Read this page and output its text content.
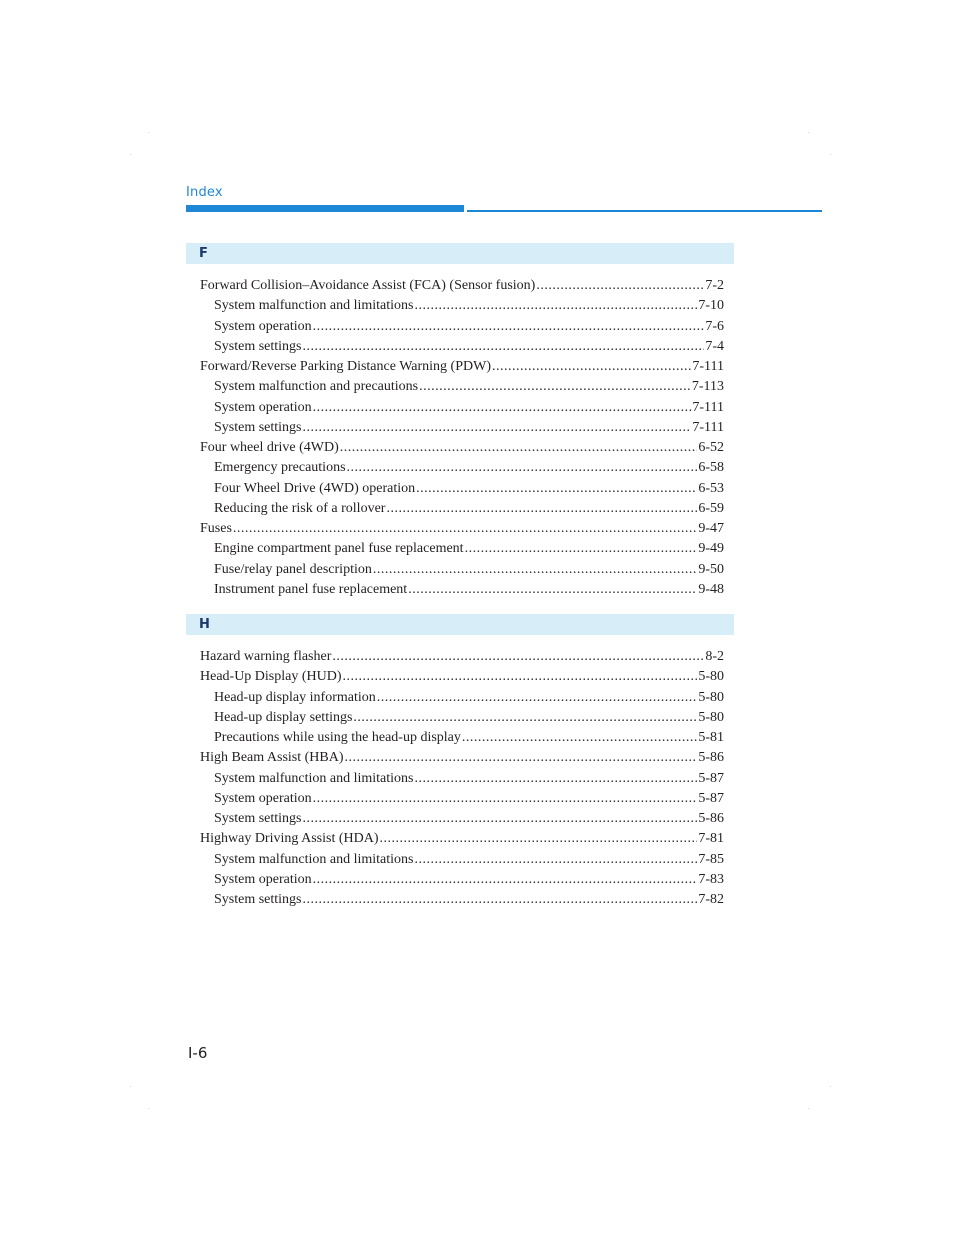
Index
F
Forward Collision–Avoidance Assist (FCA) (Sensor fusion) .....	7-2
System malfunction and limitations .....	7-10
System operation .....	7-6
System settings .....	7-4
Forward/Reverse Parking Distance Warning (PDW) .....	7-111
System malfunction and precautions .....	7-113
System operation .....	7-111
System settings .....	7-111
Four wheel drive (4WD) .....	6-52
Emergency precautions .....	6-58
Four Wheel Drive (4WD) operation .....	6-53
Reducing the risk of a rollover .....	6-59
Fuses .....	9-47
Engine compartment panel fuse replacement .....	9-49
Fuse/relay panel description .....	9-50
Instrument panel fuse replacement .....	9-48
H
Hazard warning flasher .....	8-2
Head-Up Display (HUD) .....	5-80
Head-up display information .....	5-80
Head-up display settings .....	5-80
Precautions while using the head-up display .....	5-81
High Beam Assist (HBA) .....	5-86
System malfunction and limitations .....	5-87
System operation .....	5-87
System settings .....	5-86
Highway Driving Assist (HDA) .....	7-81
System malfunction and limitations .....	7-85
System operation .....	7-83
System settings .....	7-82
I-6
